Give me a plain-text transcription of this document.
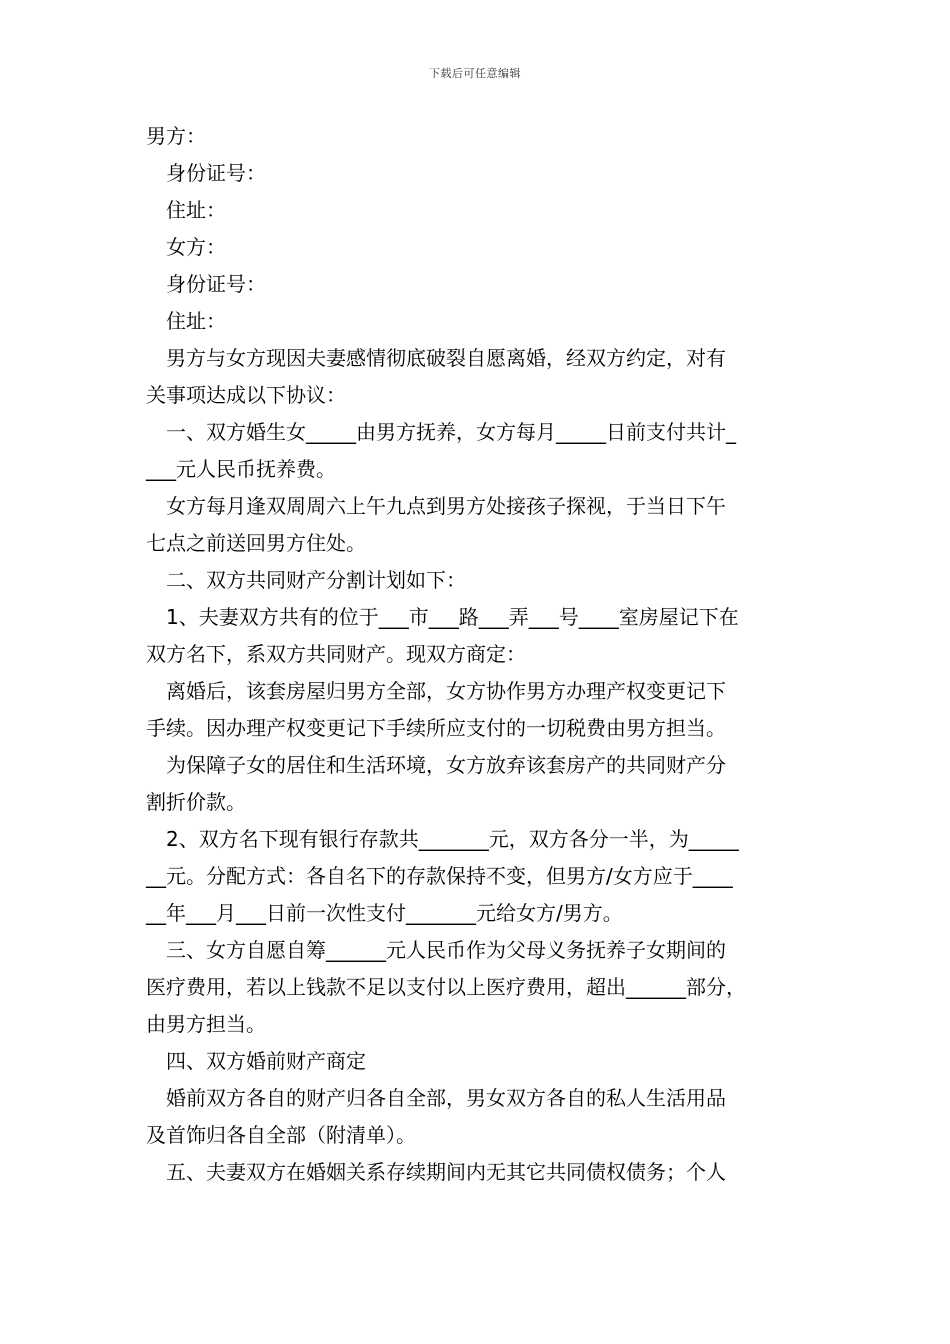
下载后可任意编辑
男方：
身份证号：
住址：
女方：
身份证号：
住址：
男方与女方现因夫妻感情彻底破裂自愿离婚，经双方约定，对有
关事项达成以下协议：
一、双方婚生女_____由男方抚养，女方每月_____日前支付共计_
___元人民币抚养费。
女方每月逢双周周六上午九点到男方处接孩子探视，于当日下午
七点之前送回男方住处。
二、双方共同财产分割计划如下：
1、夫妻双方共有的位于___市___路___弄___号____室房屋记下在
双方名下，系双方共同财产。现双方商定：
离婚后，该套房屋归男方全部，女方协作男方办理产权变更记下
手续。因办理产权变更记下手续所应支付的一切税费由男方担当。
为保障子女的居住和生活环境，女方放弃该套房产的共同财产分
割折价款。
2、双方名下现有银行存款共_______元，双方各分一半，为_____
__元。分配方式：各自名下的存款保持不变，但男方/女方应于____
__年___月___日前一次性支付_______元给女方/男方。
三、女方自愿自筹______元人民币作为父母义务抚养子女期间的
医疗费用，若以上钱款不足以支付以上医疗费用，超出______部分，
由男方担当。
四、双方婚前财产商定
婚前双方各自的财产归各自全部，男女双方各自的私人生活用品
及首饰归各自全部（附清单）。
五、夫妻双方在婚姻关系存续期间内无其它共同债权债务；个人
